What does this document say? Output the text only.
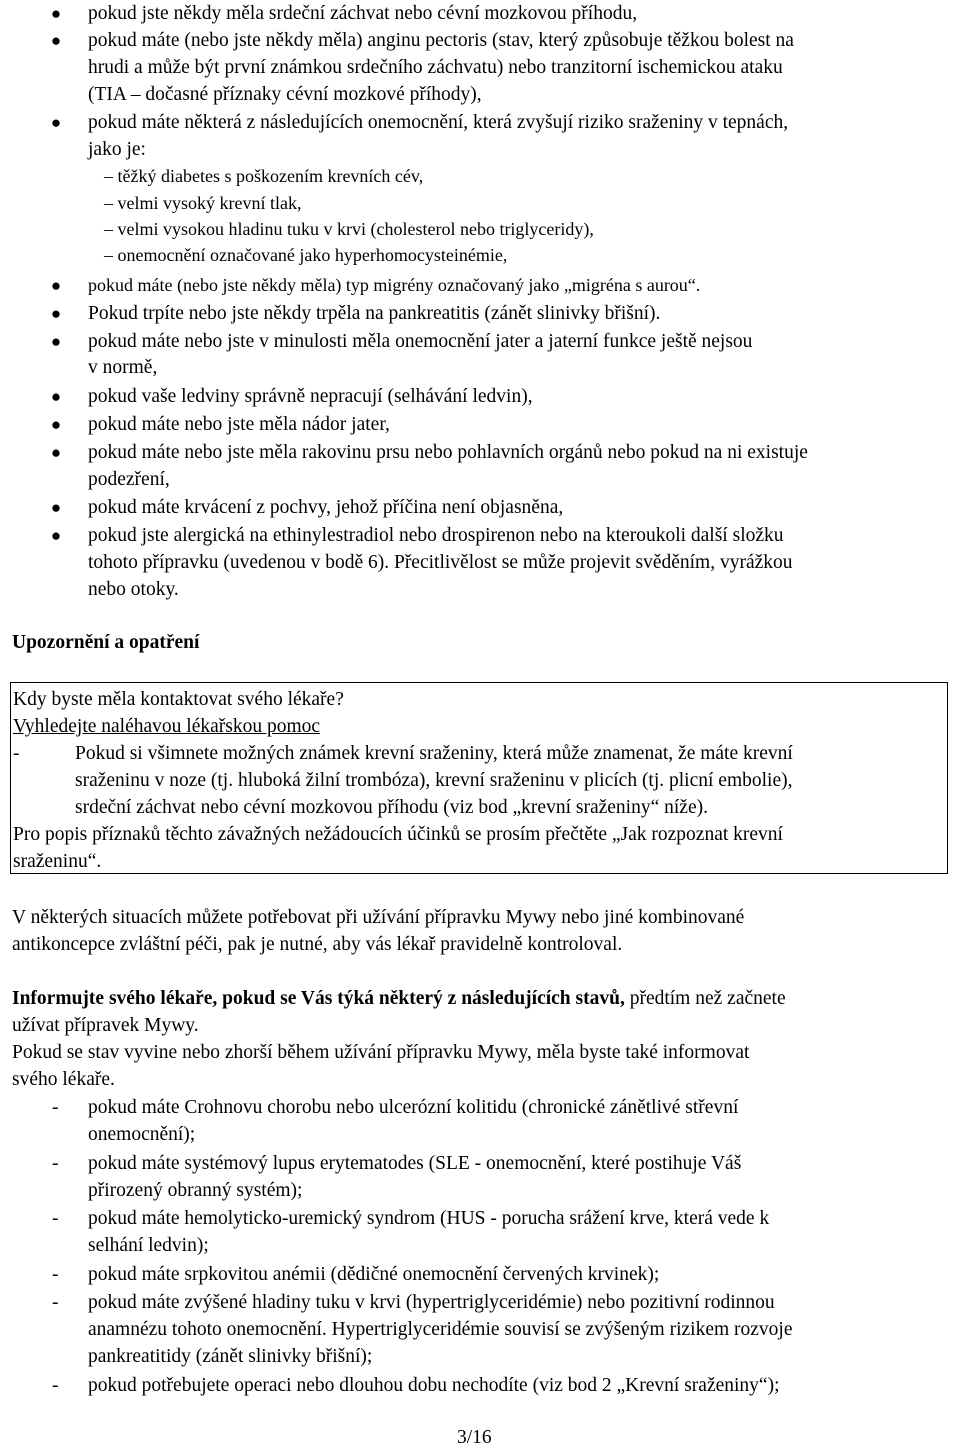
●	pokud jste někdy měla srdeční záchvat nebo cévní mozkovou příhodu,
●	pokud máte (nebo jste někdy měla) anginu pectoris (stav, který způsobuje těžkou bolest na
hrudi a může být první známkou srdečního záchvatu) nebo tranzitorní ischemickou ataku
(TIA – dočasné příznaky cévní mozkové příhody),
●	pokud máte některá z následujících onemocnění, která zvyšují riziko sraženiny v tepnách,
jako je:
– těžký diabetes s poškozením krevních cév,
– velmi vysoký krevní tlak,
– velmi vysokou hladinu tuku v krvi (cholesterol nebo triglyceridy),
– onemocnění označované jako hyperhomocysteinémie,
●	pokud máte (nebo jste někdy měla) typ migrény označovaný jako „migréna s aurou“.
●	Pokud trpíte nebo jste někdy trpěla na pankreatitis (zánět slinivky břišní).
●	pokud máte nebo jste v minulosti měla onemocnění jater a jaterní funkce ještě nejsou
v normě,
●	pokud vaše ledviny správně nepracují (selhávání ledvin),
●	pokud máte nebo jste měla nádor jater,
●	pokud máte nebo jste měla rakovinu prsu nebo pohlavních orgánů nebo pokud na ni existuje
podezření,
●	pokud máte krvácení z pochvy, jehož příčina není objasněna,
●	pokud jste alergická na ethinylestradiol nebo drospirenon nebo na kteroukoli další složku
tohoto přípravku (uvedenou v bodě 6). Přecitlivělost se může projevit svěděním, vyrážkou
nebo otoky.
Upozornění a opatření
Kdy byste měla kontaktovat svého lékaře?
Vyhledejte naléhavou lékařskou pomoc
-	Pokud si všimnete možných známek krevní sraženiny, která může znamenat, že máte krevní
sraženinu v noze (tj. hluboká žilní trombóza), krevní sraženinu v plicích (tj. plicní embolie),
srdeční záchvat nebo cévní mozkovou příhodu (viz bod „krevní sraženiny“ níže).
Pro popis příznaků těchto závažných nežádoucích účinků se prosím přečtěte „Jak rozpoznat krevní
sraženinu“.
V některých situacích můžete potřebovat při užívání přípravku Mywy nebo jiné kombinované
antikoncepce zvláštní péči, pak je nutné, aby vás lékař pravidelně kontroloval.
Informujte svého lékaře, pokud se Vás týká některý z následujících stavů, předtím než začnete
užívat přípravek Mywy.
Pokud se stav vyvine nebo zhorší během užívání přípravku Mywy, měla byste také informovat
svého lékaře.
- pokud máte Crohnovu chorobu nebo ulcerózní kolitidu (chronické zánětlivé střevní
onemocnění);
- pokud máte systémový lupus erytematodes (SLE - onemocnění, které postihuje Váš
přirozený obranný systém);
- pokud máte hemolyticko-uremický syndrom (HUS - porucha srážení krve, která vede k
selhání ledvin);
- pokud máte srpkovitou anémii (dědičné onemocnění červených krvinek);
- pokud máte zvýšené hladiny tuku v krvi (hypertriglyceridémie) nebo pozitivní rodinnou
anamnézu tohoto onemocnění. Hypertriglyceridémie souvisí se zvýšeným rizikem rozvoje
pankreatitidy (zánět slinivky břišní);
- pokud potřebujete operaci nebo dlouhou dobu nechodíte (viz bod 2 „Krevní sraženiny“);
3/16
